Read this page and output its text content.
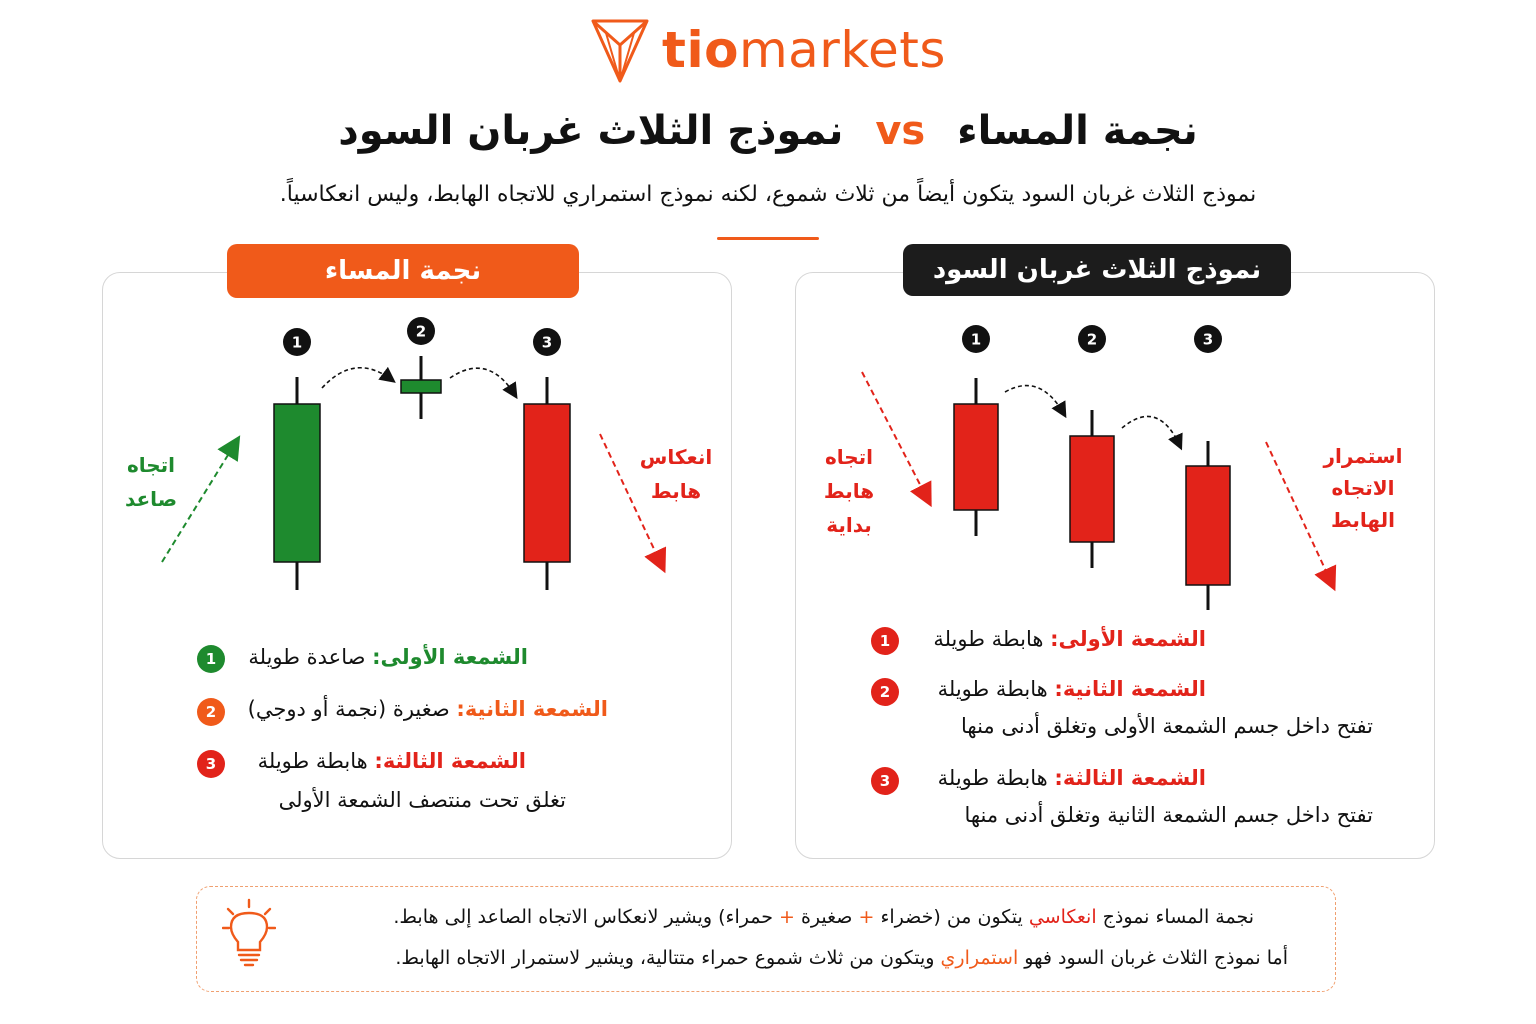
tiomarkets
نموذج الثلاث غربان السود vs نجمة المساء
نموذج الثلاث غربان السود يتكون أيضاً من ثلاث شموع، لكنه نموذج استمراري للاتجاه الهابط، وليس انعكاسياً.
نجمة المساء	نموذج الثلاث غربان السود
1
2
3	1	2	3
اتجاه
صاعد
انعكاس
هابط
اتجاه
هابط
بداية
استمرار
الاتجاه
الهابط
1	الشمعة الأولى: صاعدة طويلة
2	الشمعة الثانية: صغيرة (نجمة أو دوجي)
3	الشمعة الثالثة: هابطة طويلة
تغلق تحت منتصف الشمعة الأولى
1	الشمعة الأولى: هابطة طويلة
2	الشمعة الثانية: هابطة طويلة
تفتح داخل جسم الشمعة الأولى وتغلق أدنى منها
3	الشمعة الثالثة: هابطة طويلة
تفتح داخل جسم الشمعة الثانية وتغلق أدنى منها
نجمة المساء نموذج انعكاسي يتكون من (خضراء + صغيرة + حمراء) ويشير لانعكاس الاتجاه الصاعد إلى هابط.
أما نموذج الثلاث غربان السود فهو استمراري ويتكون من ثلاث شموع حمراء متتالية، ويشير لاستمرار الاتجاه الهابط.
